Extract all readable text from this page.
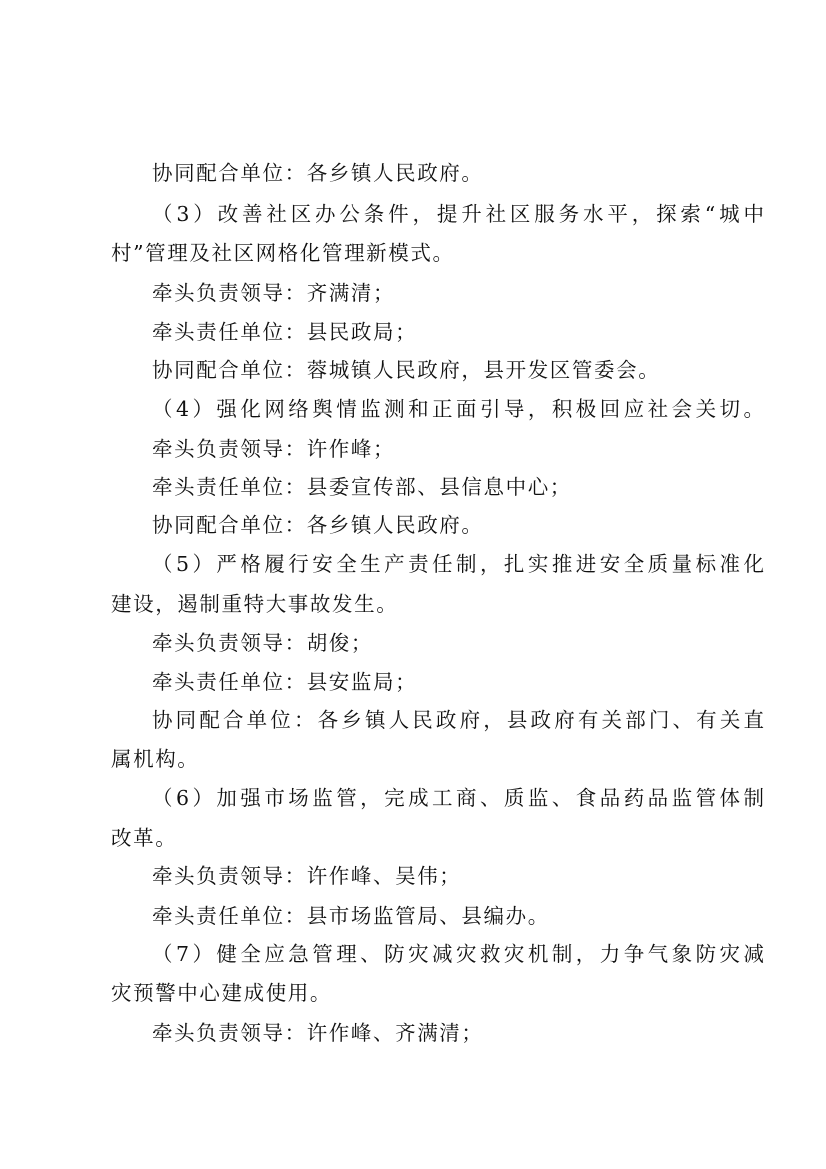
协同配合单位：各乡镇人民政府。
（3）改善社区办公条件，提升社区服务水平，探索“城中
村”管理及社区网格化管理新模式。
牵头负责领导：齐满清；
牵头责任单位：县民政局；
协同配合单位：蓉城镇人民政府，县开发区管委会。
（4）强化网络舆情监测和正面引导，积极回应社会关切。
牵头负责领导：许作峰；
牵头责任单位：县委宣传部、县信息中心；
协同配合单位：各乡镇人民政府。
（5）严格履行安全生产责任制，扎实推进安全质量标准化
建设，遏制重特大事故发生。
牵头负责领导：胡俊；
牵头责任单位：县安监局；
协同配合单位：各乡镇人民政府，县政府有关部门、有关直
属机构。
（6）加强市场监管，完成工商、质监、食品药品监管体制
改革。
牵头负责领导：许作峰、吴伟；
牵头责任单位：县市场监管局、县编办。
（7）健全应急管理、防灾减灾救灾机制，力争气象防灾减
灾预警中心建成使用。
牵头负责领导：许作峰、齐满清；
